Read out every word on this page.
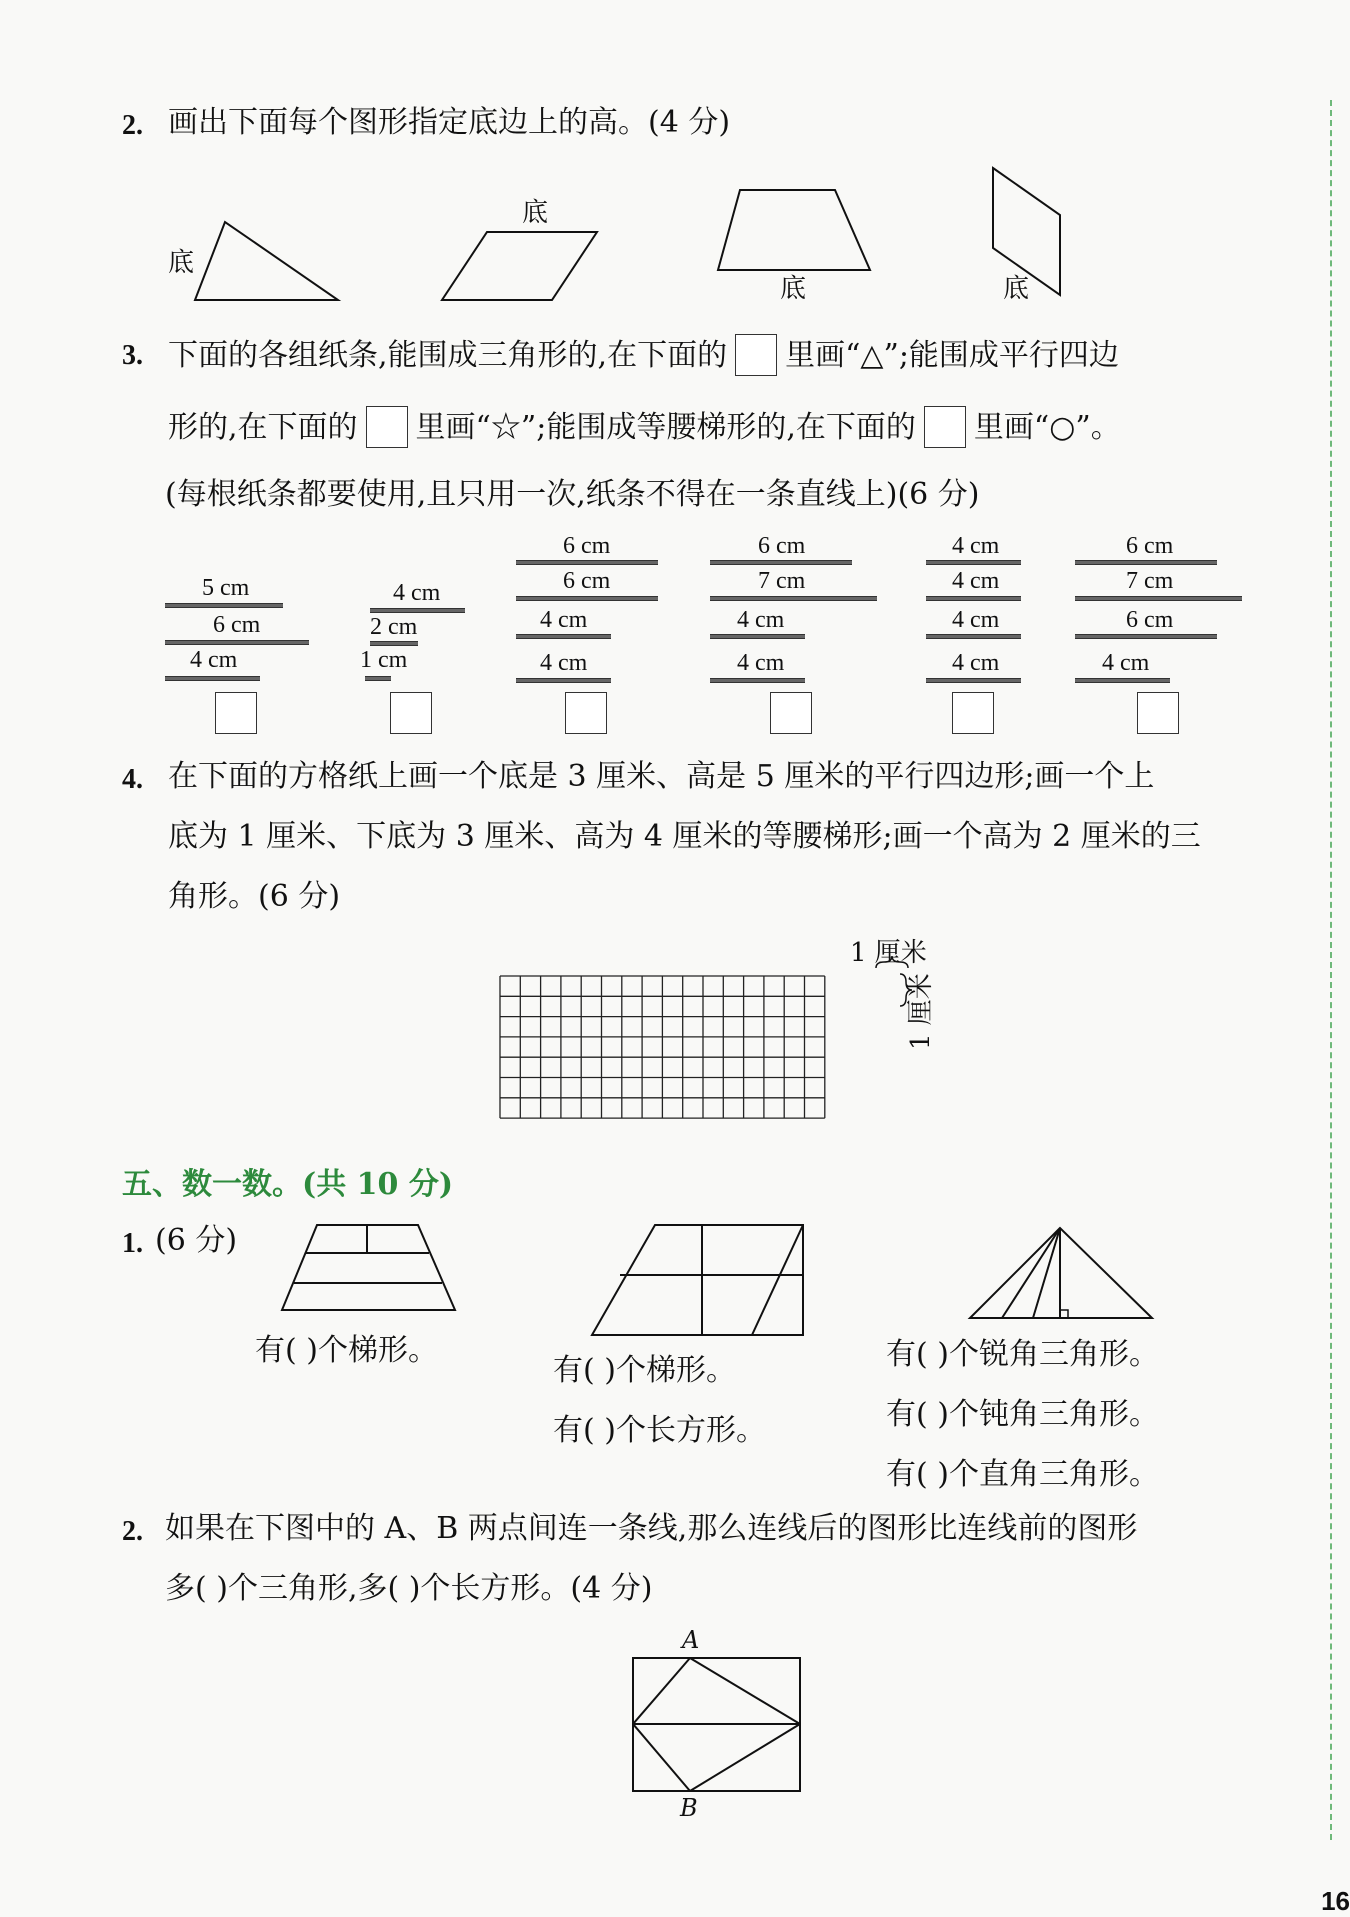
2. 画出下面每个图形指定底边上的高。(4 分)
底
底
底	底
3. 下面的各组纸条,能围成三角形的,在下面的 里画“△”;能围成平行四边
形的,在下面的 里画“☆”;能围成等腰梯形的,在下面的 里画“○”。
(每根纸条都要使用,且只用一次,纸条不得在一条直线上)(6 分)
5 cm
6 cm
4 cm
4 cm
2 cm
1 cm
6 cm
6 cm
4 cm
4 cm
6 cm
7 cm
4 cm
4 cm
4 cm
4 cm
4 cm
4 cm
6 cm
7 cm
6 cm
4 cm
4. 在下面的方格纸上画一个底是 3 厘米、高是 5 厘米的平行四边形;画一个上
底为 1 厘米、下底为 3 厘米、高为 4 厘米的等腰梯形;画一个高为 2 厘米的三
角形。(6 分)
1 厘米
1 厘米
五、数一数。(共 10 分)
1. (6 分)
有( )个梯形。
有( )个梯形。
有( )个长方形。
有( )个锐角三角形。
有( )个钝角三角形。
有( )个直角三角形。
2. 如果在下图中的 A、B 两点间连一条线,那么连线后的图形比连线前的图形
多( )个三角形,多( )个长方形。(4 分)
A
B
16
